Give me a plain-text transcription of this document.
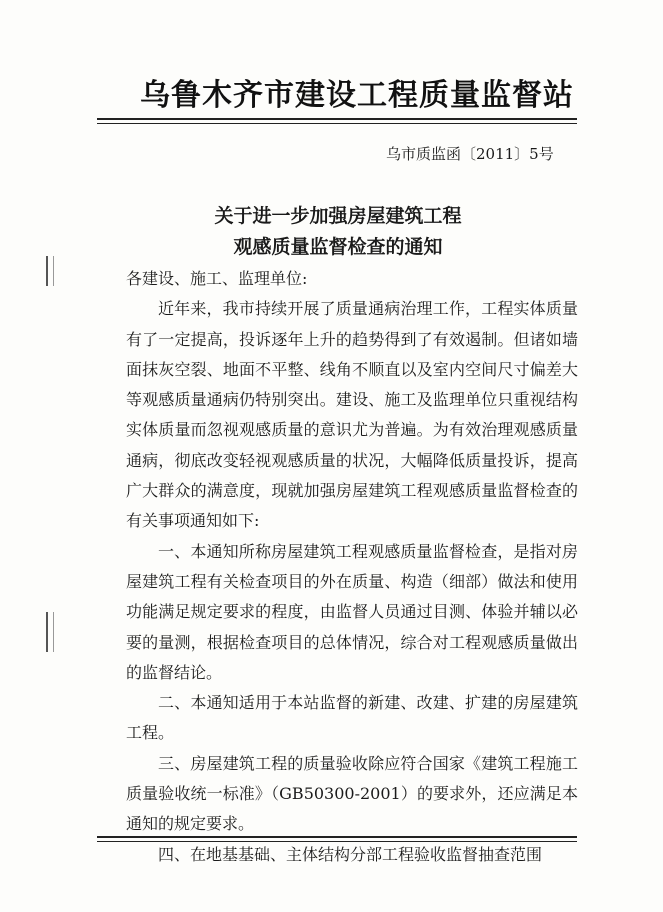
乌鲁木齐市建设工程质量监督站
乌市质监函〔2011〕5号
关于进一步加强房屋建筑工程
观感质量监督检查的通知

各建设、施工、监理单位:

近年来，我市持续开展了质量通病治理工作，工程实体质量有了一定提高，投诉逐年上升的趋势得到了有效遏制。但诸如墙面抹灰空裂、地面不平整、线角不顺直以及室内空间尺寸偏差大等观感质量通病仍特别突出。建设、施工及监理单位只重视结构实体质量而忽视观感质量的意识尤为普遍。为有效治理观感质量通病，彻底改变轻视观感质量的状况，大幅降低质量投诉，提高广大群众的满意度，现就加强房屋建筑工程观感质量监督检查的有关事项通知如下:

一、本通知所称房屋建筑工程观感质量监督检查，是指对房屋建筑工程有关检查项目的外在质量、构造（细部）做法和使用功能满足规定要求的程度，由监督人员通过目测、体验并辅以必要的量测，根据检查项目的总体情况，综合对工程观感质量做出的监督结论。

二、本通知适用于本站监督的新建、改建、扩建的房屋建筑工程。

三、房屋建筑工程的质量验收除应符合国家《建筑工程施工质量验收统一标准》（GB50300-2001）的要求外，还应满足本通知的规定要求。

四、在地基基础、主体结构分部工程验收监督抽查范围
